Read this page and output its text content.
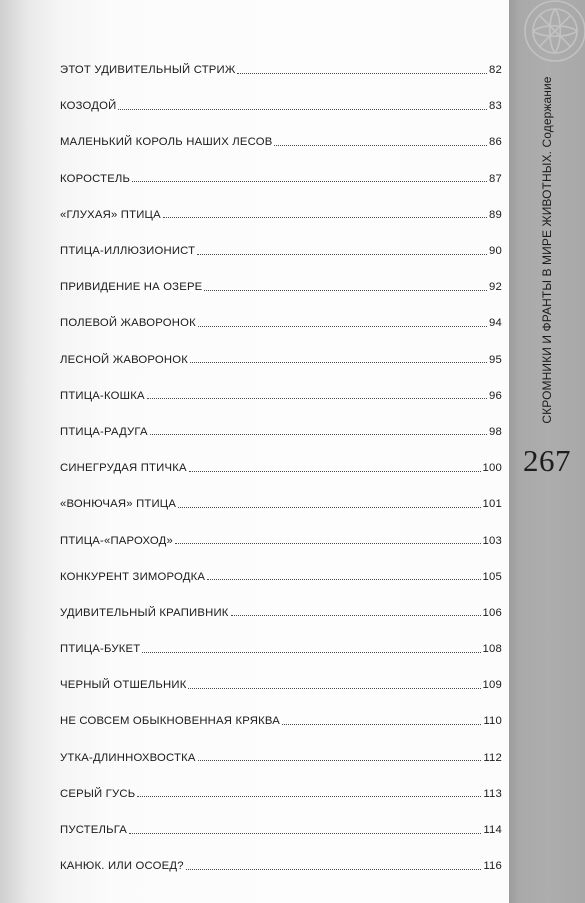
ЭТОТ УДИВИТЕЛЬНЫЙ СТРИЖ	82
КОЗОДОЙ	83
МАЛЕНЬКИЙ КОРОЛЬ НАШИХ ЛЕСОВ	86
КОРОСТЕЛЬ	87
«ГЛУХАЯ» ПТИЦА	89
ПТИЦА-ИЛЛЮЗИОНИСТ	90
ПРИВИДЕНИЕ НА ОЗЕРЕ	92
ПОЛЕВОЙ ЖАВОРОНОК	94
ЛЕСНОЙ ЖАВОРОНОК	95
ПТИЦА-КОШКА	96
ПТИЦА-РАДУГА	98
СИНЕГРУДАЯ ПТИЧКА	100
«ВОНЮЧАЯ» ПТИЦА	101
ПТИЦА-«ПАРОХОД»	103
КОНКУРЕНТ ЗИМОРОДКА	105
УДИВИТЕЛЬНЫЙ КРАПИВНИК	106
ПТИЦА-БУКЕТ	108
ЧЕРНЫЙ ОТШЕЛЬНИК	109
НЕ СОВСЕМ ОБЫКНОВЕННАЯ КРЯКВА	110
УТКА-ДЛИННОХВОСТКА	112
СЕРЫЙ ГУСЬ	113
ПУСТЕЛЬГА	114
КАНЮК. ИЛИ ОСОЕД?	116
СКРОМНИКИ И ФРАНТЫ В МИРЕ ЖИВОТНЫХ. Содержание
267
